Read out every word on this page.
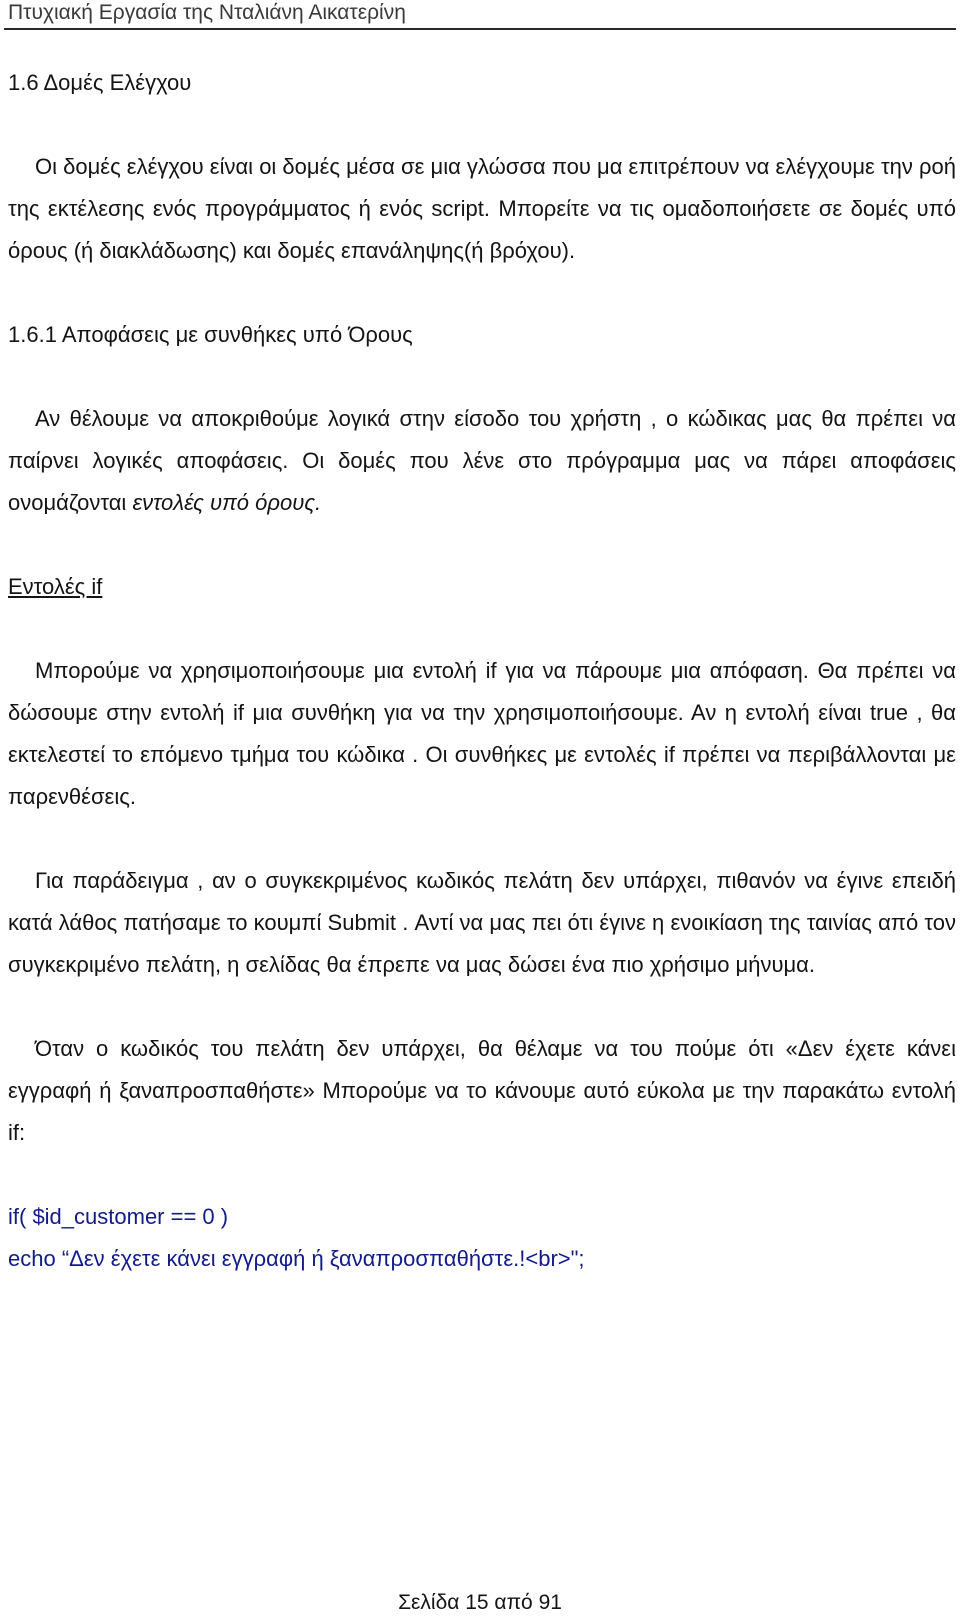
Πτυχιακή Εργασία της Νταλιάνη Αικατερίνη

1.6 Δομές Ελέγχου

Οι δομές ελέγχου είναι οι δομές μέσα σε μια γλώσσα που μα επιτρέπουν να ελέγχουμε την ροή της εκτέλεσης ενός προγράμματος ή ενός script. Μπορείτε να τις ομαδοποιήσετε σε δομές υπό όρους (ή διακλάδωσης) και δομές επανάληψης(ή βρόχου).

1.6.1 Αποφάσεις με συνθήκες υπό Όρους

Αν θέλουμε να αποκριθούμε λογικά στην είσοδο του χρήστη , ο κώδικας μας θα πρέπει να παίρνει λογικές αποφάσεις. Οι δομές που λένε στο πρόγραμμα μας να πάρει αποφάσεις ονομάζονται εντολές υπό όρους.

Εντολές if

Μπορούμε να χρησιμοποιήσουμε μια εντολή if για να πάρουμε μια απόφαση. Θα πρέπει να δώσουμε στην εντολή if μια συνθήκη για να την χρησιμοποιήσουμε. Αν η εντολή είναι true , θα εκτελεστεί το επόμενο τμήμα του κώδικα . Οι συνθήκες με εντολές if πρέπει να περιβάλλονται με παρενθέσεις.

Για παράδειγμα , αν ο συγκεκριμένος κωδικός πελάτη δεν υπάρχει, πιθανόν να έγινε επειδή κατά λάθος πατήσαμε το κουμπί Submit . Αντί να μας πει ότι έγινε η ενοικίαση της ταινίας από τον συγκεκριμένο πελάτη, η σελίδας θα έπρεπε να μας δώσει ένα πιο χρήσιμο μήνυμα.

Όταν ο κωδικός του πελάτη δεν υπάρχει, θα θέλαμε να του πούμε ότι «Δεν έχετε κάνει εγγραφή ή ξαναπροσπαθήστε» Μπορούμε να το κάνουμε αυτό εύκολα με την παρακάτω εντολή if:

if( $id_customer == 0 )
echo “Δεν έχετε κάνει εγγραφή ή ξαναπροσπαθήστε.!<br>";
Σελίδα 15 από 91
